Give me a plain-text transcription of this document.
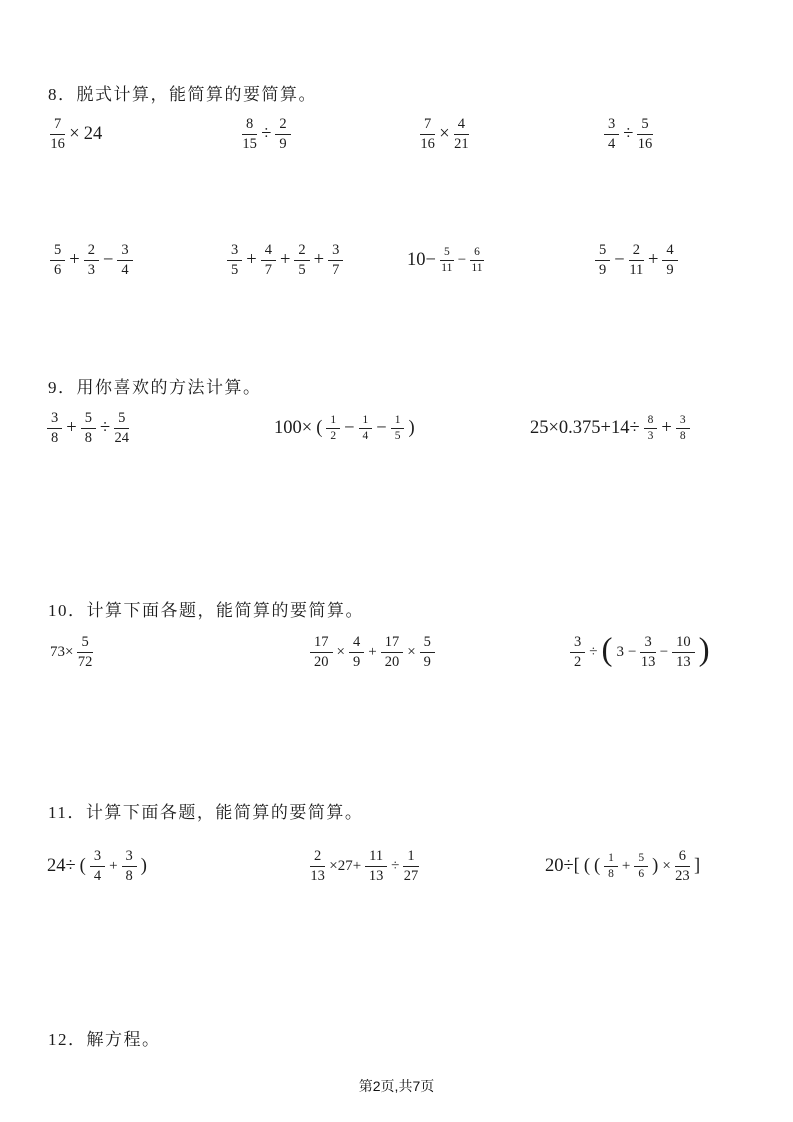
8．脱式计算，能简算的要简算。
$\frac{7}{16} \times 24$	$\frac{8}{15} \div \frac{2}{9}$	$\frac{7}{16} \times \frac{4}{21}$	$\frac{3}{4} \div \frac{5}{16}$
$\frac{5}{6} + \frac{2}{3} - \frac{3}{4}$	$\frac{3}{5} + \frac{4}{7} + \frac{2}{5} + \frac{3}{7}$	$10- \frac{5}{11} - \frac{6}{11}$	$\frac{5}{9} - \frac{2}{11} + \frac{4}{9}$
9．用你喜欢的方法计算。
$\frac{3}{8} + \frac{5}{8} \div \frac{5}{24}$	100× ( $\frac{1}{2} - \frac{1}{4} - \frac{1}{5}$ )	$25\times 0.375+14\div \frac{8}{3} + \frac{3}{8}$
10．计算下面各题，能简算的要简算。
$73\times \frac{5}{72}$	$\frac{17}{20} \times \frac{4}{9} + \frac{17}{20} \times \frac{5}{9}$	$\frac{3}{2}$ ÷ ( $3 - \frac{3}{13} - \frac{10}{13}$ )
11．计算下面各题，能简算的要简算。
24÷ ( $\frac{3}{4} + \frac{3}{8}$ )	$\frac{2}{13} \times 27+ \frac{11}{13} \div \frac{1}{27}$	20÷[ ( ( $\frac{1}{8} + \frac{5}{6}$ ) × $\frac{6}{23}$ ]
12．解方程。
第2页,共7页
